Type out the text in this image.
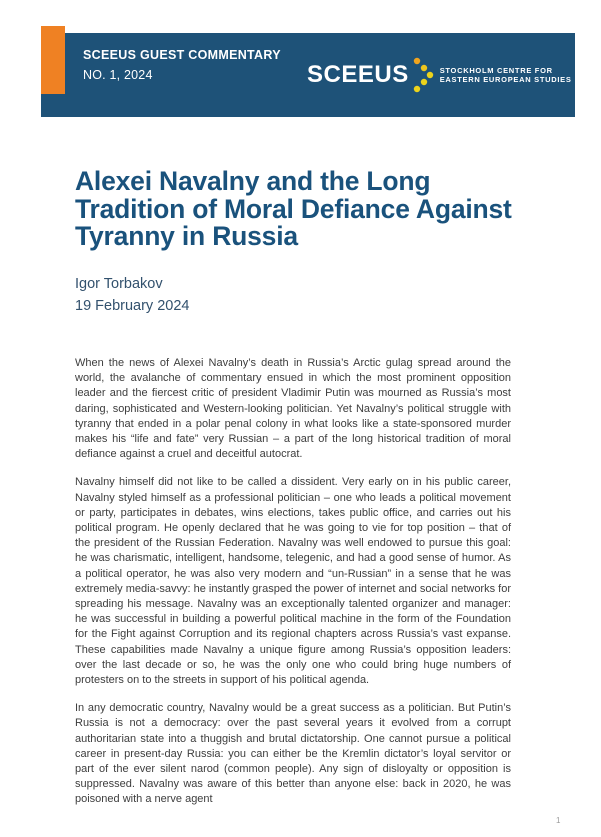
SCEEUS GUEST COMMENTARY
NO. 1, 2024	SCEEUS	STOCKHOLM CENTRE FOR
EASTERN EUROPEAN STUDIES
Alexei Navalny and the Long Tradition of Moral Defiance Against Tyranny in Russia
Igor Torbakov
19 February 2024

When the news of Alexei Navalny’s death in Russia’s Arctic gulag spread around the world, the avalanche of commentary ensued in which the most prominent opposition leader and the fiercest critic of president Vladimir Putin was mourned as Russia’s most daring, sophisticated and Western-looking politician. Yet Navalny’s political struggle with tyranny that ended in a polar penal colony in what looks like a state-sponsored murder makes his “life and fate” very Russian – a part of the long historical tradition of moral defiance against a cruel and deceitful autocrat.

Navalny himself did not like to be called a dissident. Very early on in his public career, Navalny styled himself as a professional politician – one who leads a political movement or party, participates in debates, wins elections, takes public office, and carries out his political program. He openly declared that he was going to vie for top position – that of the president of the Russian Federation. Navalny was well endowed to pursue this goal: he was charismatic, intelligent, handsome, telegenic, and had a good sense of humor. As a political operator, he was also very modern and “un-Russian” in a sense that he was extremely media-savvy: he instantly grasped the power of internet and social networks for spreading his message. Navalny was an exceptionally talented organizer and manager: he was successful in building a powerful political machine in the form of the Foundation for the Fight against Corruption and its regional chapters across Russia’s vast expanse. These capabilities made Navalny a unique figure among Russia’s opposition leaders: over the last decade or so, he was the only one who could bring huge numbers of protesters on to the streets in support of his political agenda.

In any democratic country, Navalny would be a great success as a politician. But Putin’s Russia is not a democracy: over the past several years it evolved from a corrupt authoritarian state into a thuggish and brutal dictatorship. One cannot pursue a political career in present-day Russia: you can either be the Kremlin dictator’s loyal servitor or part of the ever silent narod (common people). Any sign of disloyalty or opposition is suppressed. Navalny was aware of this better than anyone else: back in 2020, he was poisoned with a nerve agent

1
